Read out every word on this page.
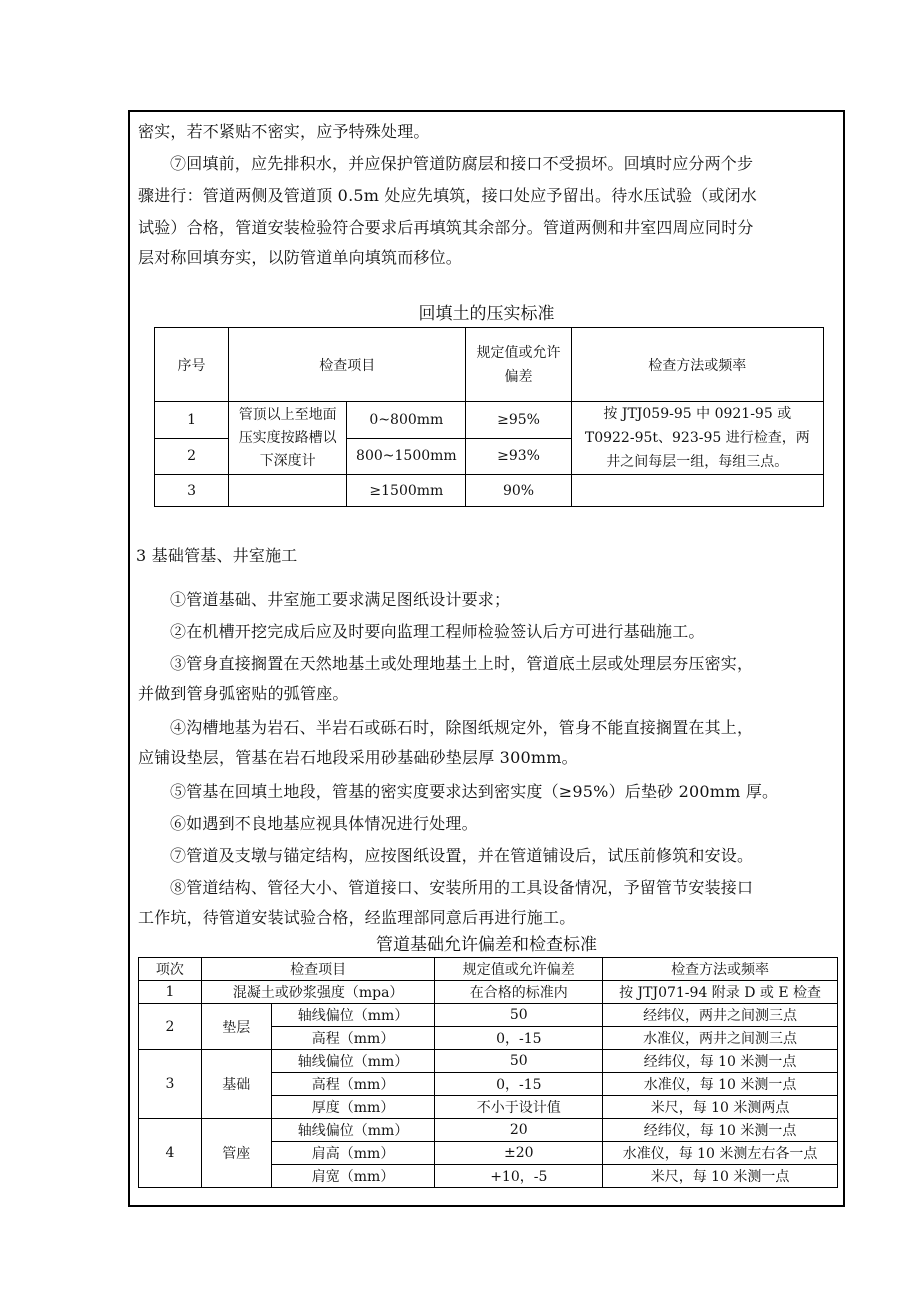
密实，若不紧贴不密实，应予特殊处理。
⑦回填前，应先排积水，并应保护管道防腐层和接口不受损坏。回填时应分两个步
骤进行：管道两侧及管道顶 0.5m 处应先填筑，接口处应予留出。待水压试验（或闭水
试验）合格，管道安装检验符合要求后再填筑其余部分。管道两侧和井室四周应同时分
层对称回填夯实，以防管道单向填筑而移位。
回填土的压实标准
序号	检查项目		规定值或允许偏差	检查方法或频率
1	管顶以上至地面压实度按路槽以下深度计	0~800mm	≥95%	按 JTJ059-95 中 0921-95 或 T0922-95t、923-95 进行检查，两井之间每层一组，每组三点。
2		800~1500mm	≥93%	
3		≥1500mm	90%	
3 基础管基、井室施工
①管道基础、井室施工要求满足图纸设计要求；
②在机槽开挖完成后应及时要向监理工程师检验签认后方可进行基础施工。
③管身直接搁置在天然地基土或处理地基土上时，管道底土层或处理层夯压密实，
并做到管身弧密贴的弧管座。
④沟槽地基为岩石、半岩石或砾石时，除图纸规定外，管身不能直接搁置在其上，
应铺设垫层，管基在岩石地段采用砂基础砂垫层厚 300mm。
⑤管基在回填土地段，管基的密实度要求达到密实度（≥95%）后垫砂 200mm 厚。
⑥如遇到不良地基应视具体情况进行处理。
⑦管道及支墩与锚定结构，应按图纸设置，并在管道铺设后，试压前修筑和安设。
⑧管道结构、管径大小、管道接口、安装所用的工具设备情况，予留管节安装接口
工作坑，待管道安装试验合格，经监理部同意后再进行施工。
管道基础允许偏差和检查标准
项次	检查项目		规定值或允许偏差	检查方法或频率
1	混凝土或砂浆强度（mpa）		在合格的标准内	按 JTJ071-94 附录 D 或 E 检查
2	垫层	轴线偏位（mm）	50	经纬仪，两井之间测三点
		高程（mm）	0，-15	水准仪，两井之间测三点
3	基础	轴线偏位（mm）	50	经纬仪，每 10 米测一点
		高程（mm）	0，-15	水准仪，每 10 米测一点
		厚度（mm）	不小于设计值	米尺，每 10 米测两点
4	管座	轴线偏位（mm）	20	经纬仪，每 10 米测一点
		肩高（mm）	±20	水准仪，每 10 米测左右各一点
		肩宽（mm）	+10，-5	米尺，每 10 米测一点
